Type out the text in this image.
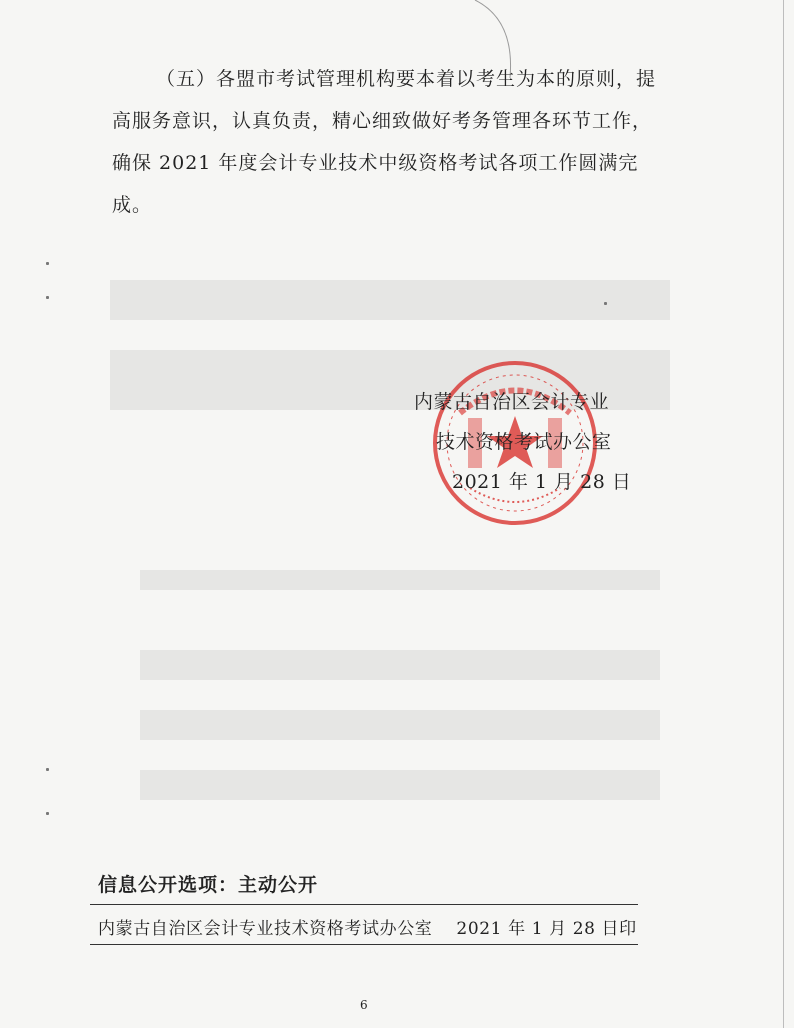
（五）各盟市考试管理机构要本着以考生为本的原则，提
高服务意识，认真负责，精心细致做好考务管理各环节工作，
确保 2021 年度会计专业技术中级资格考试各项工作圆满完
成。
内蒙古自治区会计专业
技术资格考试办公室
2021 年 1 月 28 日
信息公开选项：主动公开
内蒙古自治区会计专业技术资格考试办公室 2021 年 1 月 28 日印
6
